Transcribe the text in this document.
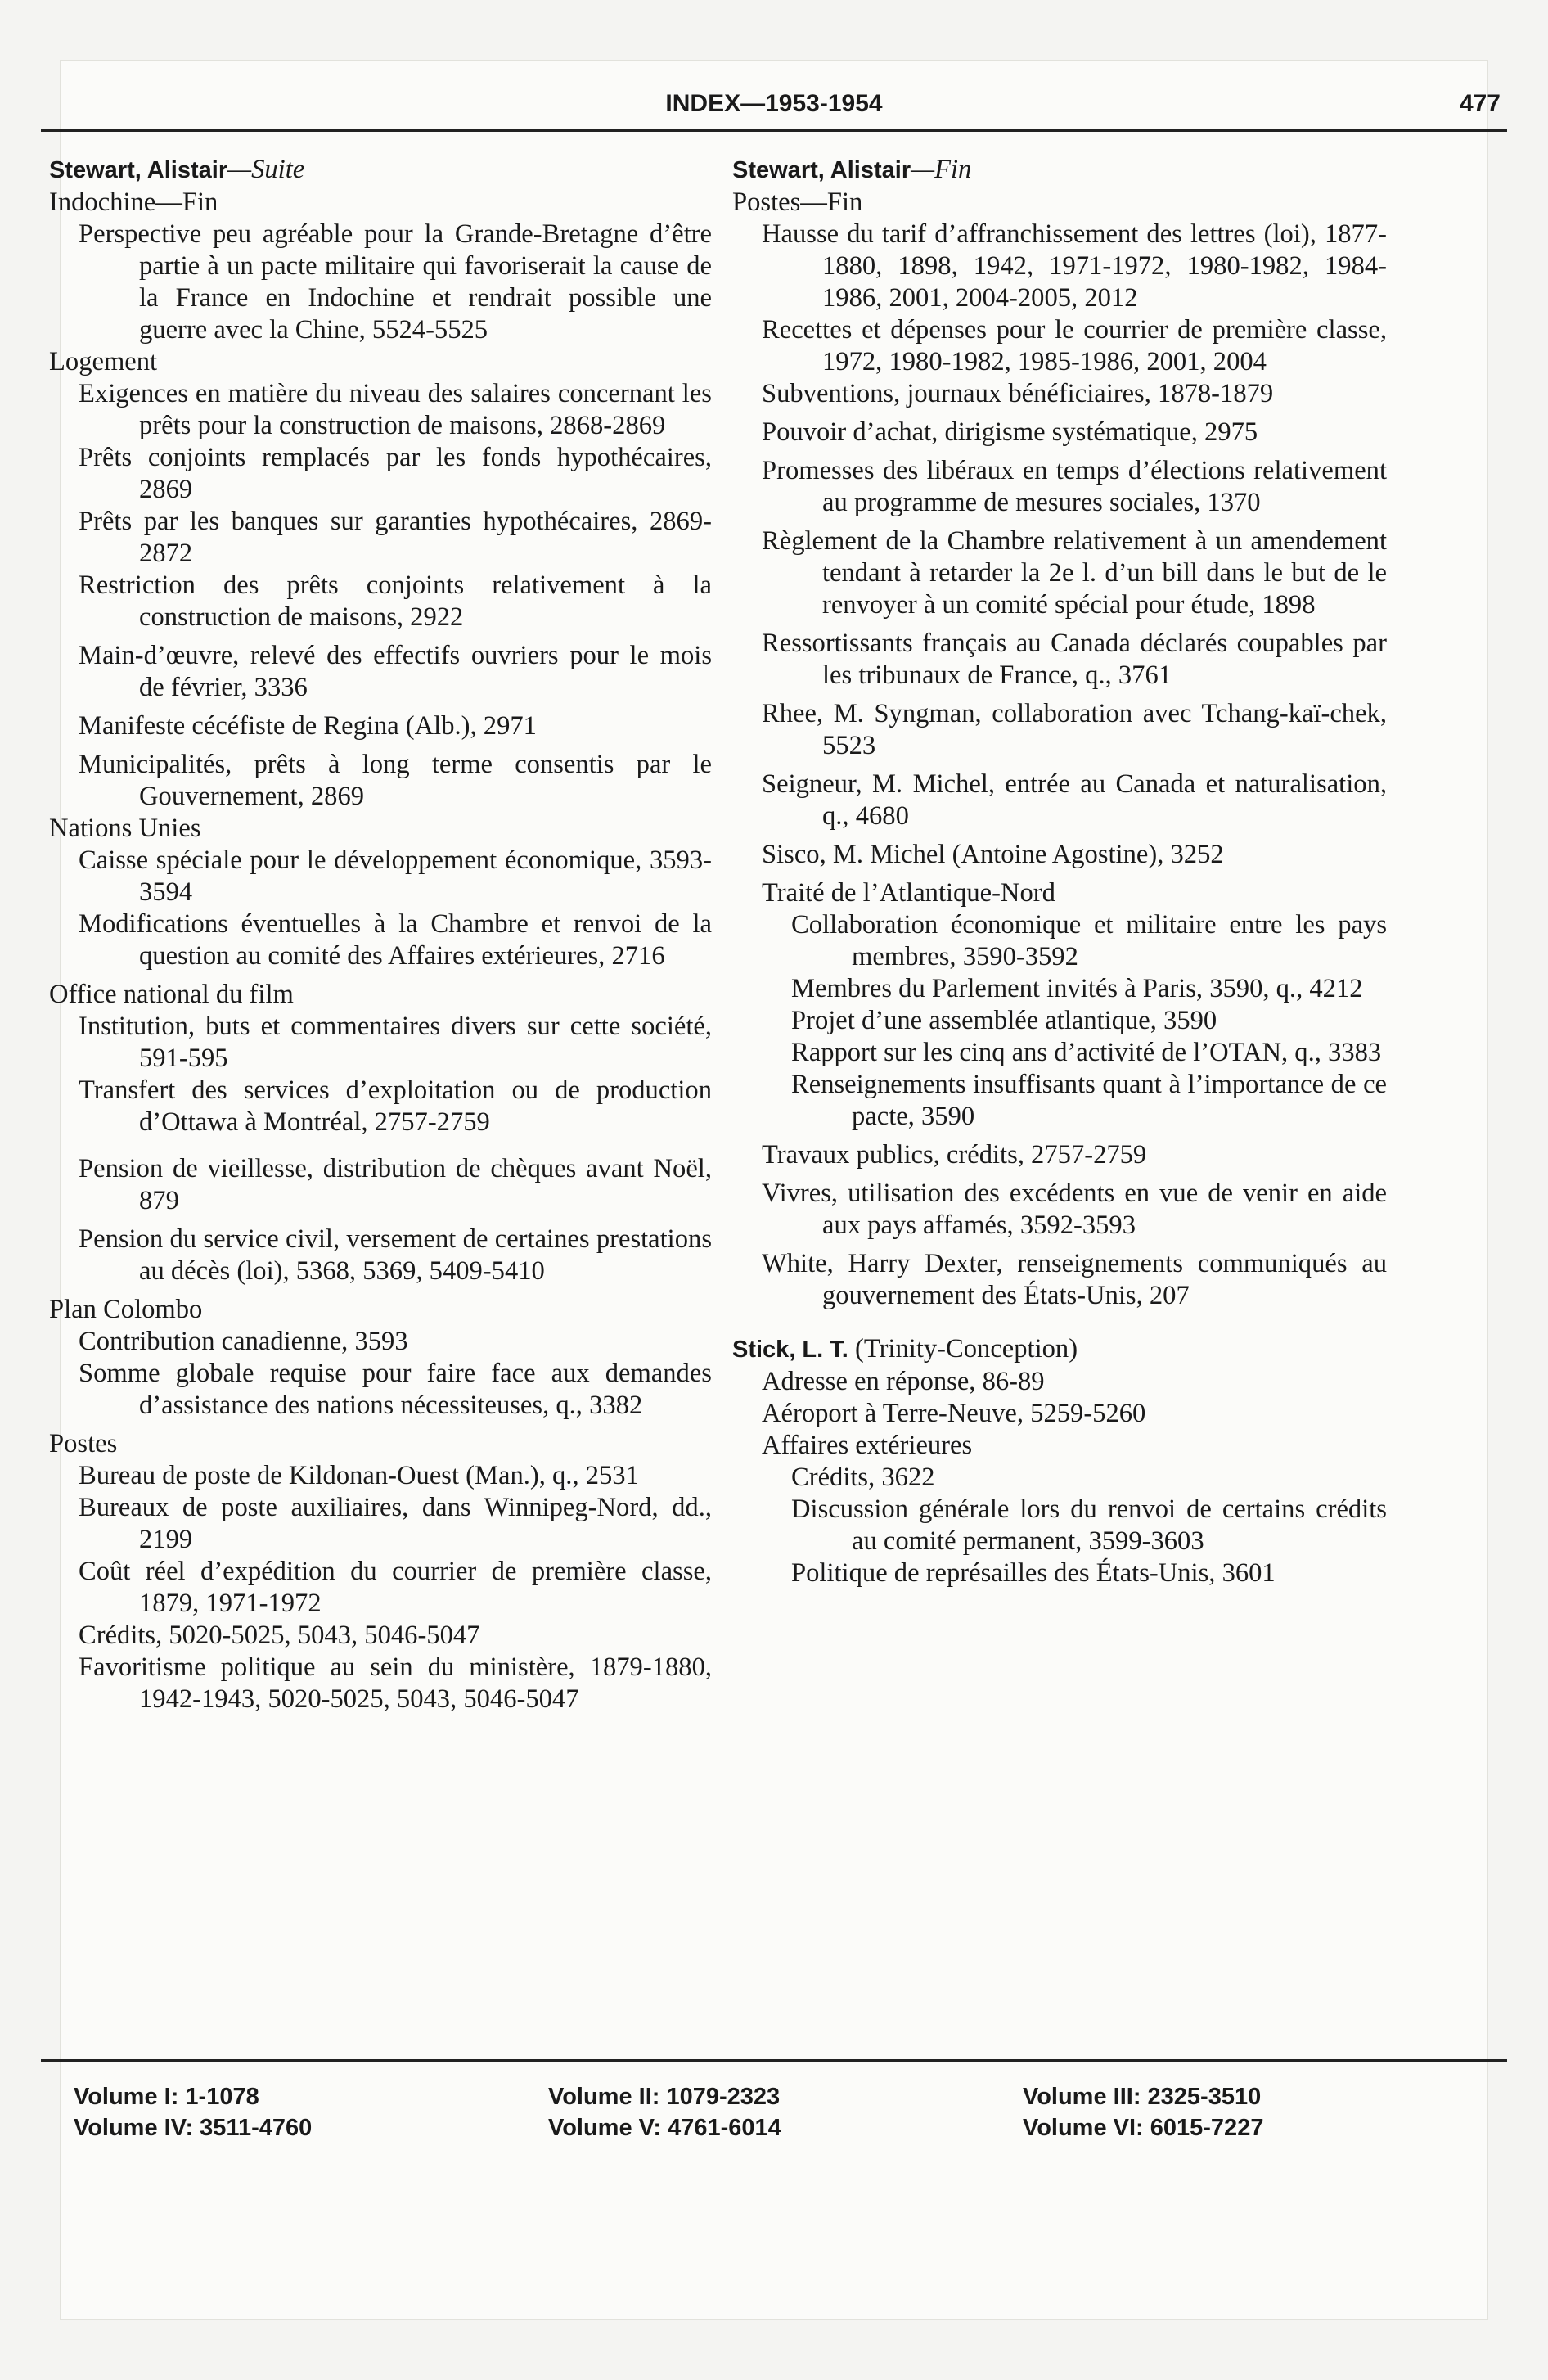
INDEX—1953-1954	477

Stewart, Alistair—Suite

Indochine—Fin

Perspective peu agréable pour la Grande-Bretagne d’être partie à un pacte militaire qui favoriserait la cause de la France en Indochine et rendrait possible une guerre avec la Chine, 5524-5525

Logement

Exigences en matière du niveau des salaires concernant les prêts pour la construction de maisons, 2868-2869

Prêts conjoints remplacés par les fonds hypothécaires, 2869

Prêts par les banques sur garanties hypothécaires, 2869-2872

Restriction des prêts conjoints relativement à la construction de maisons, 2922

Main-d’œuvre, relevé des effectifs ouvriers pour le mois de février, 3336

Manifeste cécéfiste de Regina (Alb.), 2971

Municipalités, prêts à long terme consentis par le Gouvernement, 2869

Nations Unies

Caisse spéciale pour le développement économique, 3593-3594

Modifications éventuelles à la Chambre et renvoi de la question au comité des Affaires extérieures, 2716

Office national du film

Institution, buts et commentaires divers sur cette société, 591-595

Transfert des services d’exploitation ou de production d’Ottawa à Montréal, 2757-2759

Pension de vieillesse, distribution de chèques avant Noël, 879

Pension du service civil, versement de certaines prestations au décès (loi), 5368, 5369, 5409-5410

Plan Colombo

Contribution canadienne, 3593

Somme globale requise pour faire face aux demandes d’assistance des nations nécessiteuses, q., 3382

Postes

Bureau de poste de Kildonan-Ouest (Man.), q., 2531

Bureaux de poste auxiliaires, dans Winnipeg-Nord, dd., 2199

Coût réel d’expédition du courrier de première classe, 1879, 1971-1972

Crédits, 5020-5025, 5043, 5046-5047

Favoritisme politique au sein du ministère, 1879-1880, 1942-1943, 5020-5025, 5043, 5046-5047

Stewart, Alistair—Fin

Postes—Fin

Hausse du tarif d’affranchissement des lettres (loi), 1877-1880, 1898, 1942, 1971-1972, 1980-1982, 1984-1986, 2001, 2004-2005, 2012

Recettes et dépenses pour le courrier de première classe, 1972, 1980-1982, 1985-1986, 2001, 2004

Subventions, journaux bénéficiaires, 1878-1879

Pouvoir d’achat, dirigisme systématique, 2975

Promesses des libéraux en temps d’élections relativement au programme de mesures sociales, 1370

Règlement de la Chambre relativement à un amendement tendant à retarder la 2e l. d’un bill dans le but de le renvoyer à un comité spécial pour étude, 1898

Ressortissants français au Canada déclarés coupables par les tribunaux de France, q., 3761

Rhee, M. Syngman, collaboration avec Tchang-kaï-chek, 5523

Seigneur, M. Michel, entrée au Canada et naturalisation, q., 4680

Sisco, M. Michel (Antoine Agostine), 3252

Traité de l’Atlantique-Nord

Collaboration économique et militaire entre les pays membres, 3590-3592

Membres du Parlement invités à Paris, 3590, q., 4212

Projet d’une assemblée atlantique, 3590

Rapport sur les cinq ans d’activité de l’OTAN, q., 3383

Renseignements insuffisants quant à l’importance de ce pacte, 3590

Travaux publics, crédits, 2757-2759

Vivres, utilisation des excédents en vue de venir en aide aux pays affamés, 3592-3593

White, Harry Dexter, renseignements communiqués au gouvernement des États-Unis, 207

Stick, L. T. (Trinity-Conception)

Adresse en réponse, 86-89

Aéroport à Terre-Neuve, 5259-5260

Affaires extérieures

Crédits, 3622

Discussion générale lors du renvoi de certains crédits au comité permanent, 3599-3603

Politique de représailles des États-Unis, 3601

Volume I: 1-1078	Volume II: 1079-2323	Volume III: 2325-3510
Volume IV: 3511-4760	Volume V: 4761-6014	Volume VI: 6015-7227
